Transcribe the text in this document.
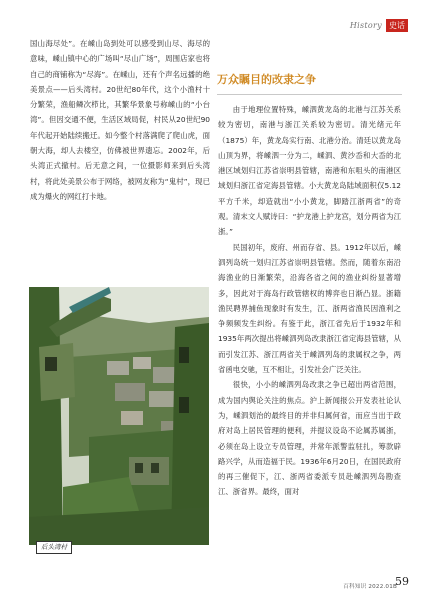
History 史话

国山海尽处”。在嵊山岛到处可以感受到山尽、海尽的意味，嵊山镇中心的广场叫“尽山广场”，周围店家也将自己的商铺称为“尽海”。在嵊山，还有个声名远播的绝美景点——后头湾村。20世纪80年代，这个小渔村十分繁荣，渔船鳞次栉比，其繁华景象号称嵊山的“小台湾”。但因交通不便，生活区域局促，村民从20世纪90年代起开始陆续搬迁。如今整个村落满爬了爬山虎，面朝大海，却人去楼空，仿佛被世界遗忘。2002年，后头湾正式撤村。后无意之间，一位摄影师来到后头湾村，将此处美景公布于网络，被网友称为“鬼村”，现已成为爆火的网红打卡地。

万众瞩目的改隶之争

由于地理位置特殊，嵊泗黄龙岛的北港与江苏关系较为密切，南港与浙江关系较为密切。清光绪元年（1875）年，黄龙岛实行南、北港分治。清廷以黄龙岛山顶为界，将嵊泗一分为二，嵊泗、黄沙岙和大岙的北港区域划归江苏省崇明县管辖，南港和东咀头的南港区域划归浙江省定海县管辖。小大黄龙岛陆域面积仅5.12平方千米，却造就出“小小黄龙，脚踏江浙两省”的奇观。清末文人赋诗曰：“护龙港上护龙宫，划分两省为江浙。”

民国初年，废府、州而存省、县。1912年以后，嵊泗列岛统一划归江苏省崇明县管辖。然而，随着东南沿海渔业的日渐繁荣，沿海各省之间的渔业纠纷显著增多，因此对于海岛行政管辖权的博弈也日渐凸显。浙籍渔民聘界捕鱼现象时有发生，江、浙两省渔民因渔利之争频频发生纠纷。有鉴于此，浙江省先后于1932年和1935年两次提出将嵊泗列岛改隶浙江省定海县管辖，从而引发江苏、浙江两省关于嵊泗列岛的隶属权之争，两省函电交驰，互不相让，引发社会广泛关注。

很快，小小的嵊泗列岛改隶之争已超出两省范围，成为国内舆论关注的焦点。沪上新闻报公开发表社论认为，嵊泗划治的最终目的并非归属何省，而应当出于政府对岛上居民管理的便利，并提议设岛不论属苏属浙，必须在岛上设立专员管理，并常年派警监驻扎，筹款辟路兴学，从而造福于民。1936年6月20日，在国民政府的再三催促下，江、浙两省委派专员赴嵊泗列岛勘查江、浙省界。最终，面对

后头湾村
百科知识 2022.01B
59
